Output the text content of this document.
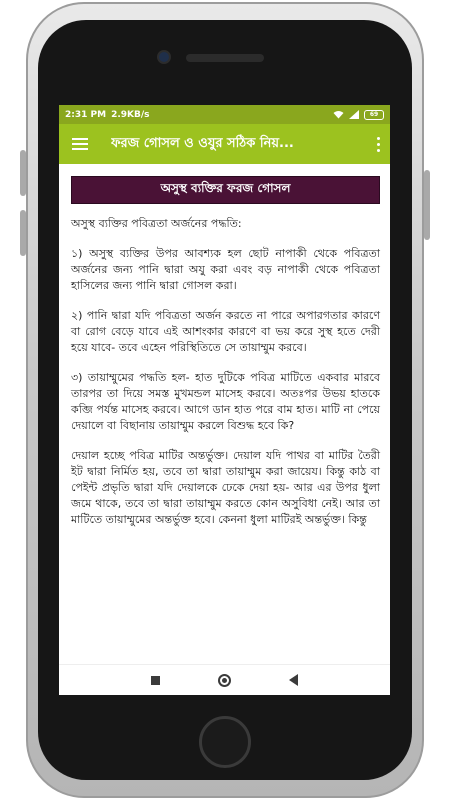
2:31 PM 2.9KB/s	69
ফরজ গোসল ও ওযুর সঠিক নিয়...
অসুস্থ ব্যক্তির ফরজ গোসল

অসুস্থ ব্যক্তির পবিত্রতা অর্জনের পদ্ধতি:

১) অসুস্থ ব্যক্তির উপর আবশ্যক হল ছোট নাপাকী থেকে পবিত্রতা অর্জনের জন্য পানি দ্বারা অযু করা এবং বড় নাপাকী থেকে পবিত্রতা হাসিলের জন্য পানি দ্বারা গোসল করা।

২) পানি দ্বারা যদি পবিত্রতা অর্জন করতে না পারে অপারগতার কারণে বা রোগ বেড়ে যাবে এই আশংকার কারণে বা ভয় করে সুস্থ হতে দেরী হয়ে যাবে- তবে এহেন পরিস্থিতিতে সে তায়াম্মুম করবে।

৩) তায়াম্মুমের পদ্ধতি হল- হাত দুটিকে পবিত্র মাটিতে একবার মারবে তারপর তা দিয়ে সমস্ত মুখমন্ডল মাসেহ করবে। অতঃপর উভয় হাতকে কব্জি পর্যন্ত মাসেহ করবে। আগে ডান হাত পরে বাম হাত। মাটি না পেয়ে দেয়ালে বা বিছানায় তায়াম্মুম করলে বিশুদ্ধ হবে কি?

দেয়াল হচ্ছে পবিত্র মাটির অন্তর্ভুক্ত। দেয়াল যদি পাথর বা মাটির তৈরী ইট দ্বারা নির্মিত হয়, তবে তা দ্বারা তায়াম্মুম করা জায়েয। কিন্তু কাঠ বা পেইন্ট প্রভৃতি দ্বারা যদি দেয়ালকে ঢেকে দেয়া হয়- আর এর উপর ধুলা জমে থাকে, তবে তা দ্বারা তায়াম্মুম করতে কোন অসুবিধা নেই। আর তা মাটিতে তায়াম্মুমের অন্তর্ভুক্ত হবে। কেননা ধুলা মাটিরই অন্তর্ভুক্ত। কিন্তু
